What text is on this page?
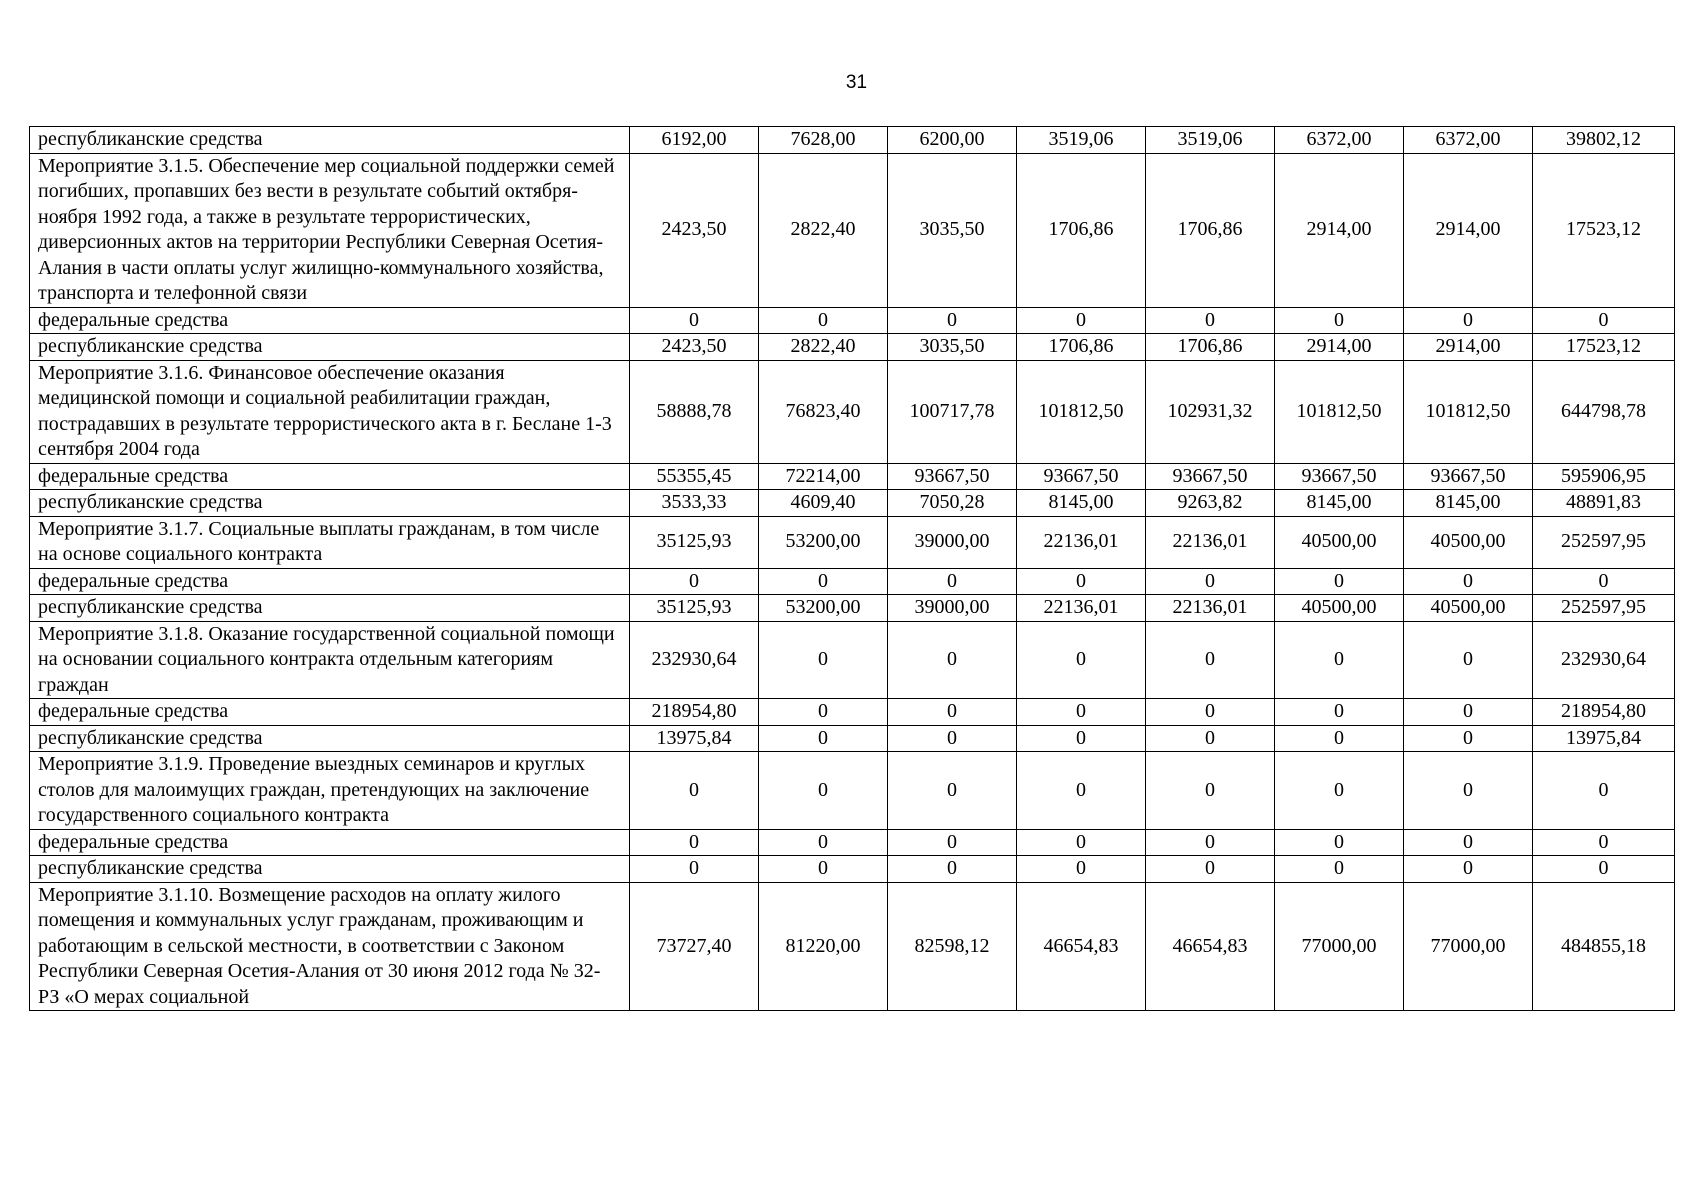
31
республиканские средства	6192,00	7628,00	6200,00	3519,06	3519,06	6372,00	6372,00	39802,12
Мероприятие 3.1.5. Обеспечение мер социальной поддержки семей погибших, пропавших без вести в результате событий октября-ноября 1992 года, а также в результате террористических, диверсионных актов на территории Республики Северная Осетия-Алания в части оплаты услуг жилищно-коммунального хозяйства, транспорта и телефонной связи	2423,50	2822,40	3035,50	1706,86	1706,86	2914,00	2914,00	17523,12
федеральные средства	0	0	0	0	0	0	0	0
республиканские средства	2423,50	2822,40	3035,50	1706,86	1706,86	2914,00	2914,00	17523,12
Мероприятие 3.1.6. Финансовое обеспечение оказания медицинской помощи и социальной реабилитации граждан, пострадавших в результате террористического акта в г. Беслане 1-3 сентября 2004 года	58888,78	76823,40	100717,78	101812,50	102931,32	101812,50	101812,50	644798,78
федеральные средства	55355,45	72214,00	93667,50	93667,50	93667,50	93667,50	93667,50	595906,95
республиканские средства	3533,33	4609,40	7050,28	8145,00	9263,82	8145,00	8145,00	48891,83
Мероприятие 3.1.7. Социальные выплаты гражданам, в том числе на основе социального контракта	35125,93	53200,00	39000,00	22136,01	22136,01	40500,00	40500,00	252597,95
федеральные средства	0	0	0	0	0	0	0	0
республиканские средства	35125,93	53200,00	39000,00	22136,01	22136,01	40500,00	40500,00	252597,95
Мероприятие 3.1.8. Оказание государственной социальной помощи на основании социального контракта отдельным категориям граждан	232930,64	0	0	0	0	0	0	232930,64
федеральные средства	218954,80	0	0	0	0	0	0	218954,80
республиканские средства	13975,84	0	0	0	0	0	0	13975,84
Мероприятие 3.1.9. Проведение выездных семинаров и круглых столов для малоимущих граждан, претендующих на заключение государственного социального контракта	0	0	0	0	0	0	0	0
федеральные средства	0	0	0	0	0	0	0	0
республиканские средства	0	0	0	0	0	0	0	0
Мероприятие 3.1.10. Возмещение расходов на оплату жилого помещения и коммунальных услуг гражданам, проживающим и работающим в сельской местности, в соответствии с Законом Республики Северная Осетия-Алания от 30 июня 2012 года № 32-РЗ «О мерах социальной	73727,40	81220,00	82598,12	46654,83	46654,83	77000,00	77000,00	484855,18
